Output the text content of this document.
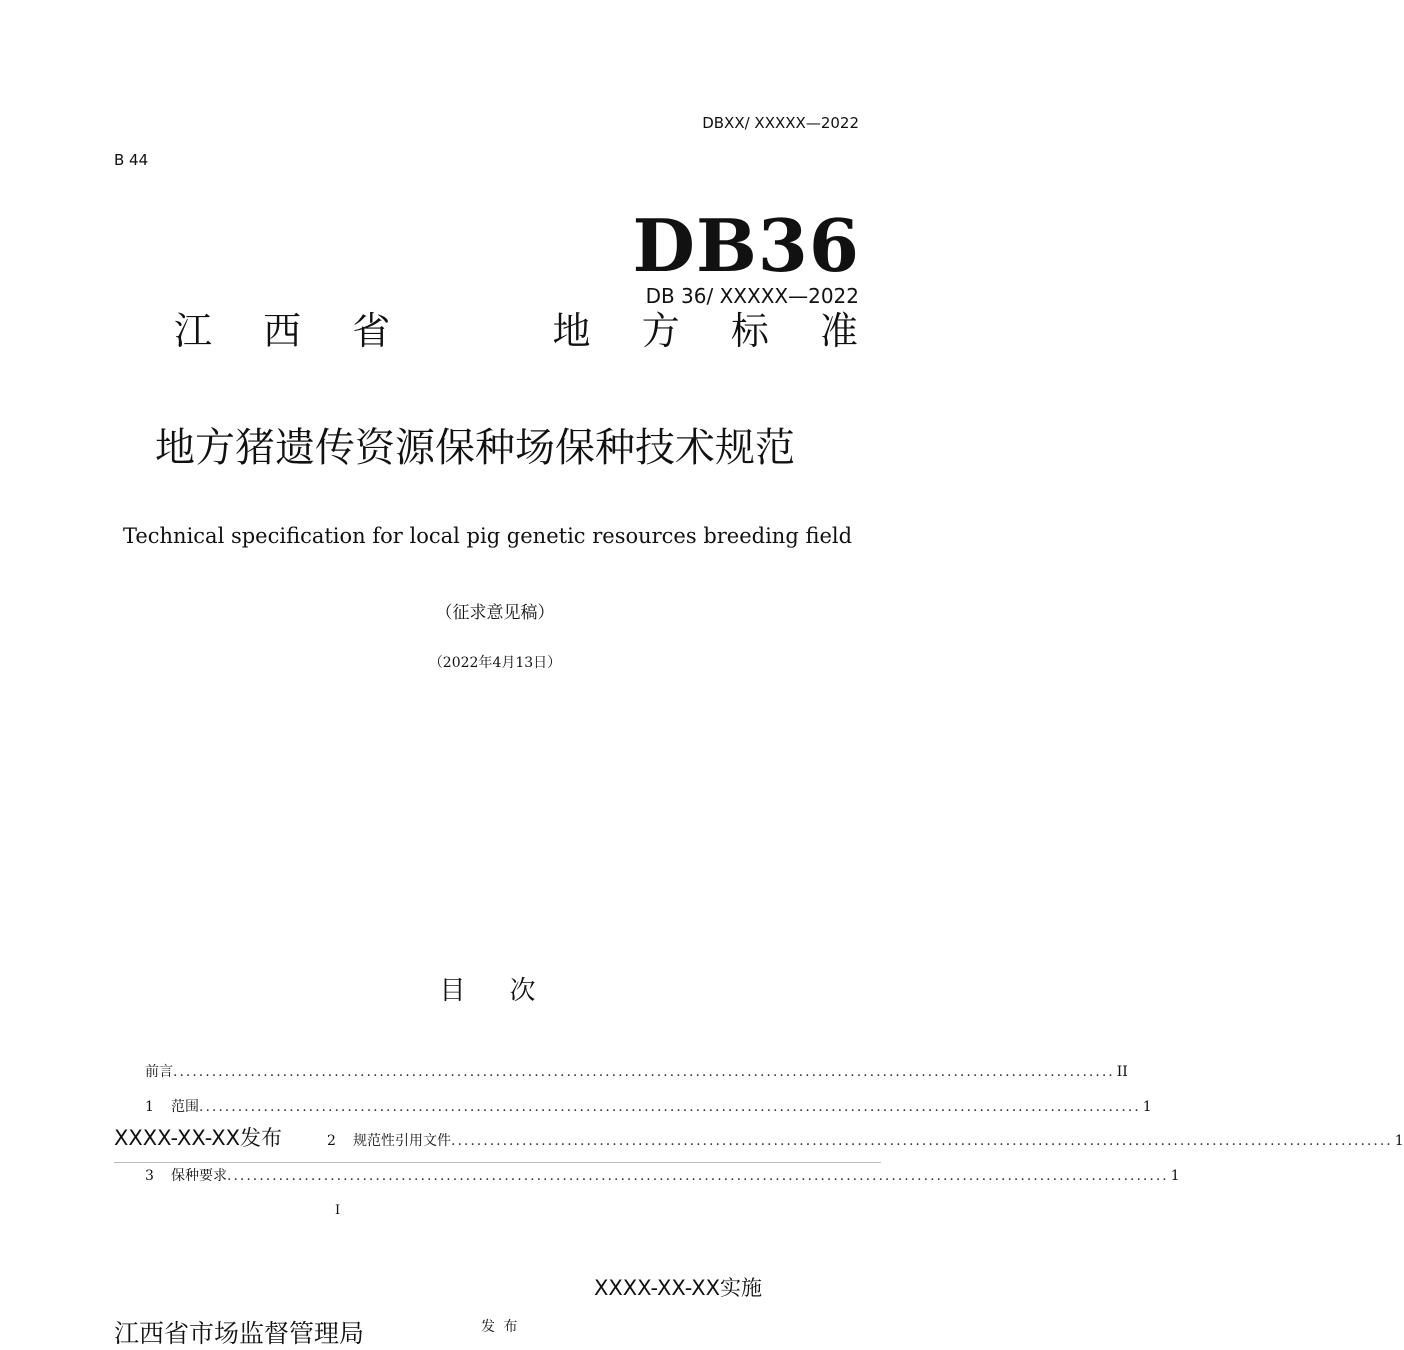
DBXX/ XXXXX—2022
B 44
DB36
DB 36/ XXXXX—2022
江 西 省	地 方 标 准
地方猪遗传资源保种场保种技术规范
Technical specification for local pig genetic resources breeding field
（征求意见稿）
（2022年4月13日）
目 次
前言 .................................................................................................................................................. II
1 范围 .................................................................................................................................................. 1
2 规范性引用文件 .................................................................................................................................................. 1
3 保种要求 .................................................................................................................................................. 1
XXXX-XX-XX发布
I
XXXX-XX-XX实施
江西省市场监督管理局	发 布
